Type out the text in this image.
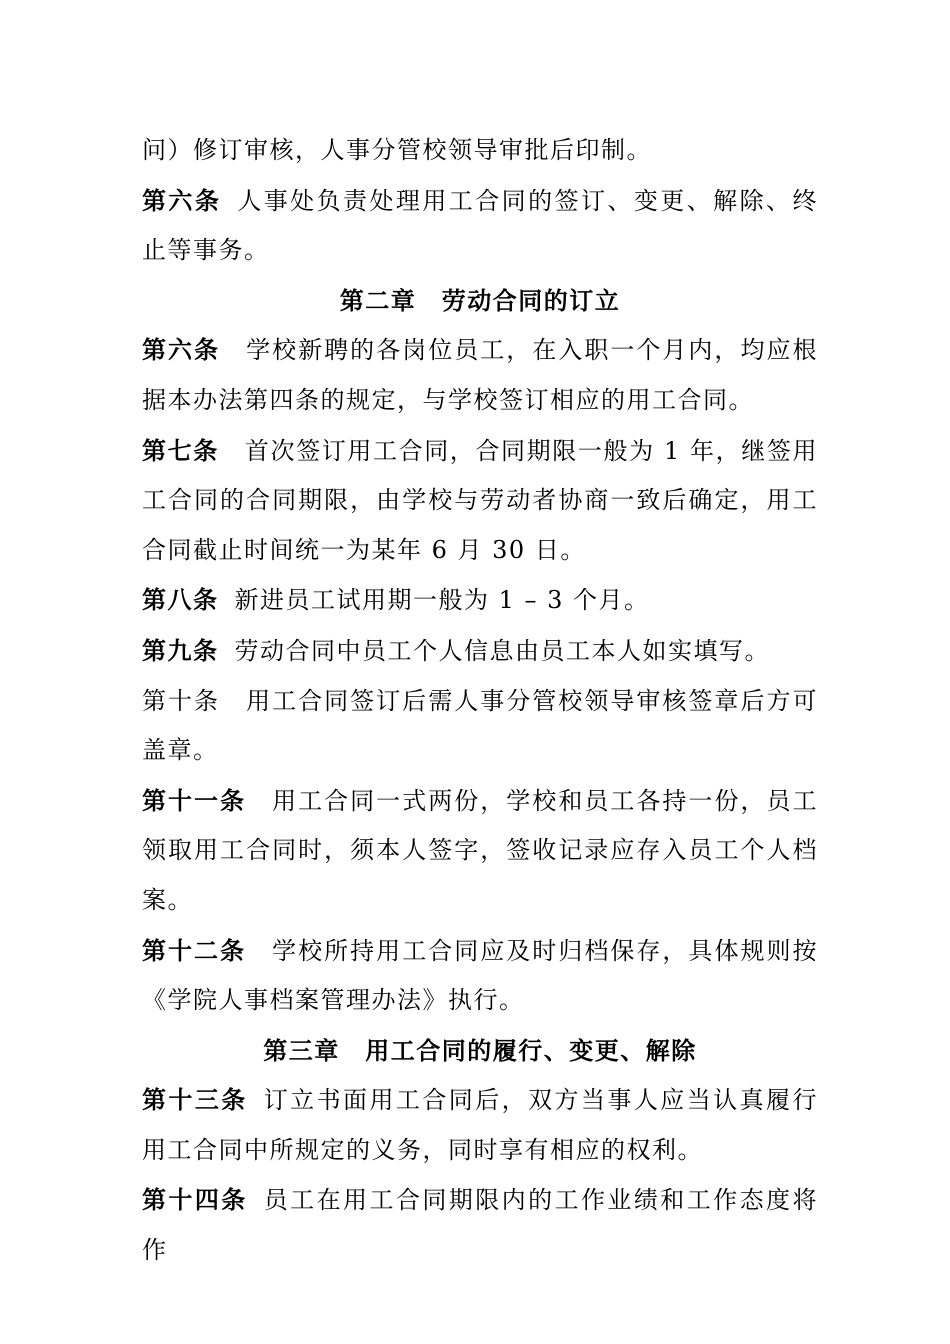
问）修订审核，人事分管校领导审批后印制。

第六条 人事处负责处理用工合同的签订、变更、解除、终止等事务。

第二章　劳动合同的订立

第六条 学校新聘的各岗位员工，在入职一个月内，均应根据本办法第四条的规定，与学校签订相应的用工合同。

第七条 首次签订用工合同，合同期限一般为 1 年，继签用工合同的合同期限，由学校与劳动者协商一致后确定，用工合同截止时间统一为某年 6 月 30 日。

第八条 新进员工试用期一般为 1 – 3 个月。

第九条 劳动合同中员工个人信息由员工本人如实填写。

第十条 用工合同签订后需人事分管校领导审核签章后方可盖章。

第十一条 用工合同一式两份，学校和员工各持一份，员工领取用工合同时，须本人签字，签收记录应存入员工个人档案。

第十二条 学校所持用工合同应及时归档保存，具体规则按《学院人事档案管理办法》执行。

第三章　用工合同的履行、变更、解除

第十三条 订立书面用工合同后，双方当事人应当认真履行用工合同中所规定的义务，同时享有相应的权利。

第十四条 员工在用工合同期限内的工作业绩和工作态度将作
